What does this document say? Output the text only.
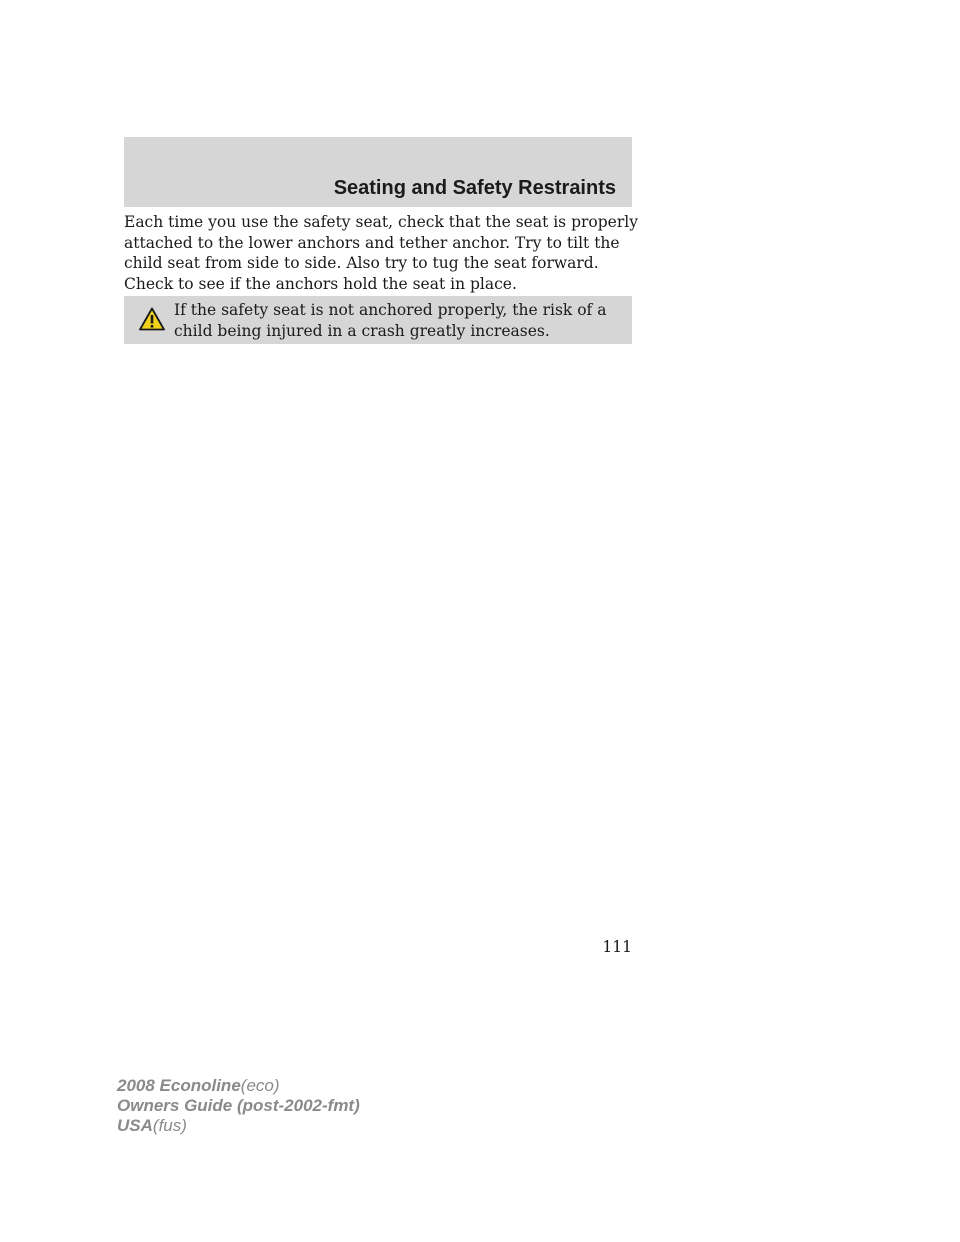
Seating and Safety Restraints

Each time you use the safety seat, check that the seat is properly attached to the lower anchors and tether anchor. Try to tilt the child seat from side to side. Also try to tug the seat forward. Check to see if the anchors hold the seat in place.

If the safety seat is not anchored properly, the risk of a child being injured in a crash greatly increases.

111
2008 Econoline(eco)
Owners Guide (post-2002-fmt)
USA(fus)
